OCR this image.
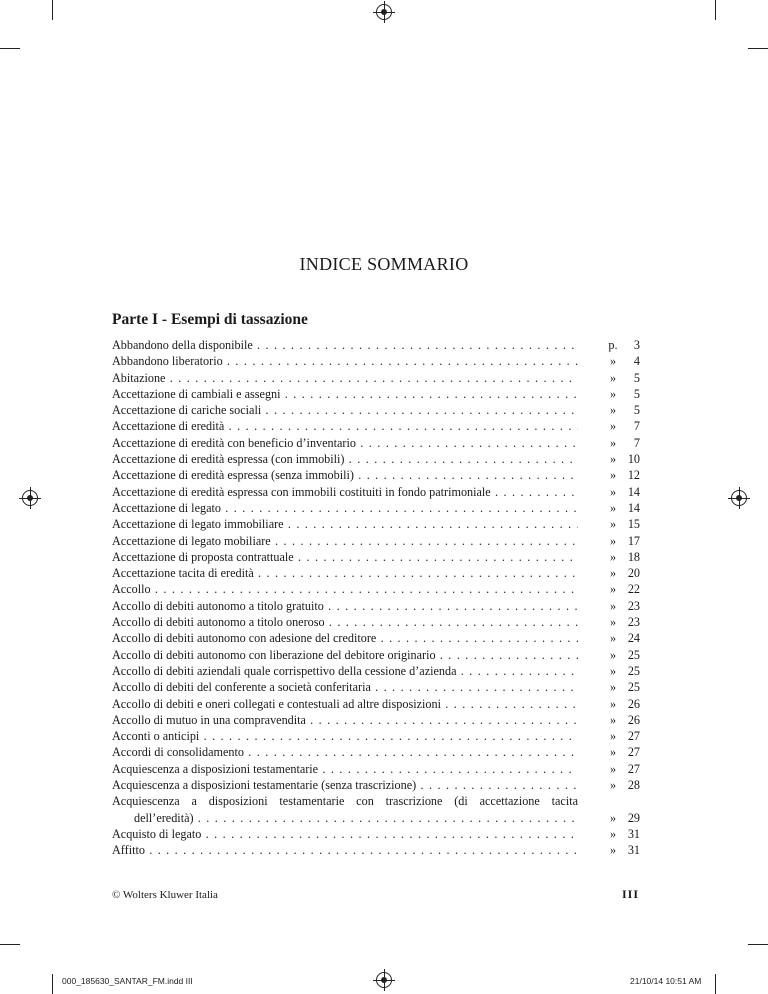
INDICE SOMMARIO
Parte I - Esempi di tassazione
Abbandono della disponibile . . .	p.	3
Abbandono liberatorio . . .	»	4
Abitazione . . .	»	5
Accettazione di cambiali e assegni . . .	»	5
Accettazione di cariche sociali . . .	»	5
Accettazione di eredità . . .	»	7
Accettazione di eredità con beneficio d’inventario . . .	»	7
Accettazione di eredità espressa (con immobili) . . .	» 10
Accettazione di eredità espressa (senza immobili) . . .	» 12
Accettazione di eredità espressa con immobili costituiti in fondo patrimoniale . . .	» 14
Accettazione di legato . . .	» 14
Accettazione di legato immobiliare . . .	» 15
Accettazione di legato mobiliare . . .	» 17
Accettazione di proposta contrattuale . . .	» 18
Accettazione tacita di eredità . . .	» 20
Accollo . . .	» 22
Accollo di debiti autonomo a titolo gratuito . . .	» 23
Accollo di debiti autonomo a titolo oneroso . . .	» 23
Accollo di debiti autonomo con adesione del creditore . . .	» 24
Accollo di debiti autonomo con liberazione del debitore originario . . .	» 25
Accollo di debiti aziendali quale corrispettivo della cessione d’azienda . . .	» 25
Accollo di debiti del conferente a società conferitaria . . .	» 25
Accollo di debiti e oneri collegati e contestuali ad altre disposizioni . . .	» 26
Accollo di mutuo in una compravendita . . .	» 26
Acconti o anticipi . . .	» 27
Accordi di consolidamento . . .	» 27
Acquiescenza a disposizioni testamentarie . . .	» 27
Acquiescenza a disposizioni testamentarie (senza trascrizione) . . .	» 28
Acquiescenza a disposizioni testamentarie con trascrizione (di accettazione tacita
dell’eredità) . . .	» 29
Acquisto di legato . . .	» 31
Affitto . . .	» 31
© Wolters Kluwer Italia	III
000_185630_SANTAR_FM.indd III	21/10/14 10:51 AM
